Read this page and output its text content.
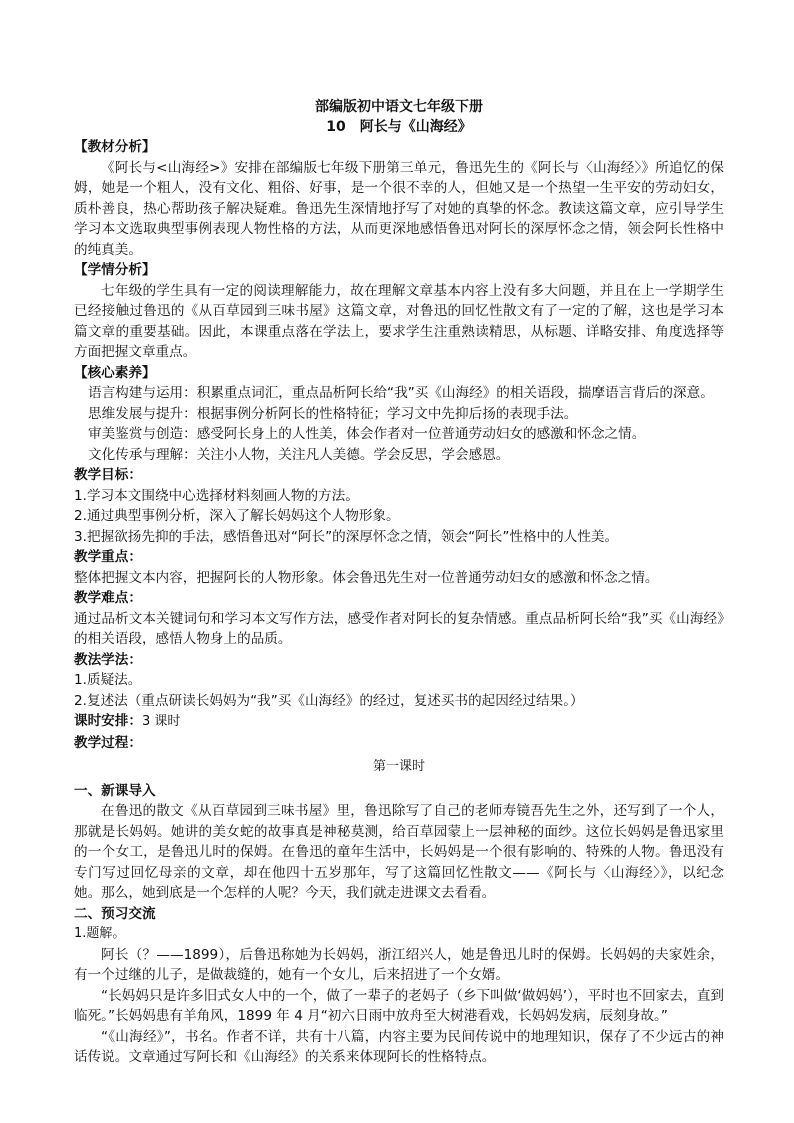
部编版初中语文七年级下册

10　阿长与《山海经》

【教材分析】

《阿长与<山海经>》安排在部编版七年级下册第三单元，鲁迅先生的《阿长与〈山海经〉》所追忆的保姆，她是一个粗人，没有文化、粗俗、好事，是一个很不幸的人，但她又是一个热望一生平安的劳动妇女，质朴善良，热心帮助孩子解决疑难。鲁迅先生深情地抒写了对她的真挚的怀念。教读这篇文章，应引导学生学习本文选取典型事例表现人物性格的方法，从而更深地感悟鲁迅对阿长的深厚怀念之情，领会阿长性格中的纯真美。

【学情分析】

七年级的学生具有一定的阅读理解能力，故在理解文章基本内容上没有多大问题，并且在上一学期学生已经接触过鲁迅的《从百草园到三味书屋》这篇文章，对鲁迅的回忆性散文有了一定的了解，这也是学习本篇文章的重要基础。因此，本课重点落在学法上，要求学生注重熟读精思，从标题、详略安排、角度选择等方面把握文章重点。

【核心素养】

语言构建与运用：积累重点词汇，重点品析阿长给“我”买《山海经》的相关语段，揣摩语言背后的深意。

思维发展与提升：根据事例分析阿长的性格特征；学习文中先抑后扬的表现手法。

审美鉴赏与创造：感受阿长身上的人性美，体会作者对一位普通劳动妇女的感激和怀念之情。

文化传承与理解：关注小人物，关注凡人美德。学会反思，学会感恩。

教学目标：

1.学习本文围绕中心选择材料刻画人物的方法。

2.通过典型事例分析，深入了解长妈妈这个人物形象。

3.把握欲扬先抑的手法，感悟鲁迅对“阿长”的深厚怀念之情，领会“阿长”性格中的人性美。

教学重点：

整体把握文本内容，把握阿长的人物形象。体会鲁迅先生对一位普通劳动妇女的感激和怀念之情。

教学难点：

通过品析文本关键词句和学习本文写作方法，感受作者对阿长的复杂情感。重点品析阿长给“我”买《山海经》的相关语段，感悟人物身上的品质。

教法学法：

1.质疑法。

2.复述法（重点研读长妈妈为“我”买《山海经》的经过，复述买书的起因经过结果。）

课时安排：3 课时

教学过程：

第一课时

一、新课导入

在鲁迅的散文《从百草园到三味书屋》里，鲁迅除写了自己的老师寿镜吾先生之外，还写到了一个人，那就是长妈妈。她讲的美女蛇的故事真是神秘莫测，给百草园蒙上一层神秘的面纱。这位长妈妈是鲁迅家里的一个女工，是鲁迅儿时的保姆。在鲁迅的童年生活中，长妈妈是一个很有影响的、特殊的人物。鲁迅没有专门写过回忆母亲的文章，却在他四十五岁那年，写了这篇回忆性散文——《阿长与〈山海经〉》，以纪念她。那么，她到底是一个怎样的人呢？今天，我们就走进课文去看看。

二、预习交流

1.题解。

阿长（？——1899），后鲁迅称她为长妈妈，浙江绍兴人，她是鲁迅儿时的保姆。长妈妈的夫家姓余，有一个过继的儿子，是做裁缝的，她有一个女儿，后来招进了一个女婿。

“长妈妈只是许多旧式女人中的一个，做了一辈子的老妈子（乡下叫做‘做妈妈’），平时也不回家去，直到临死。”长妈妈患有羊角风，1899 年 4 月“初六日雨中放舟至大树港看戏，长妈妈发病，辰刻身故。”

“《山海经》”，书名。作者不详，共有十八篇，内容主要为民间传说中的地理知识，保存了不少远古的神话传说。文章通过写阿长和《山海经》的关系来体现阿长的性格特点。
